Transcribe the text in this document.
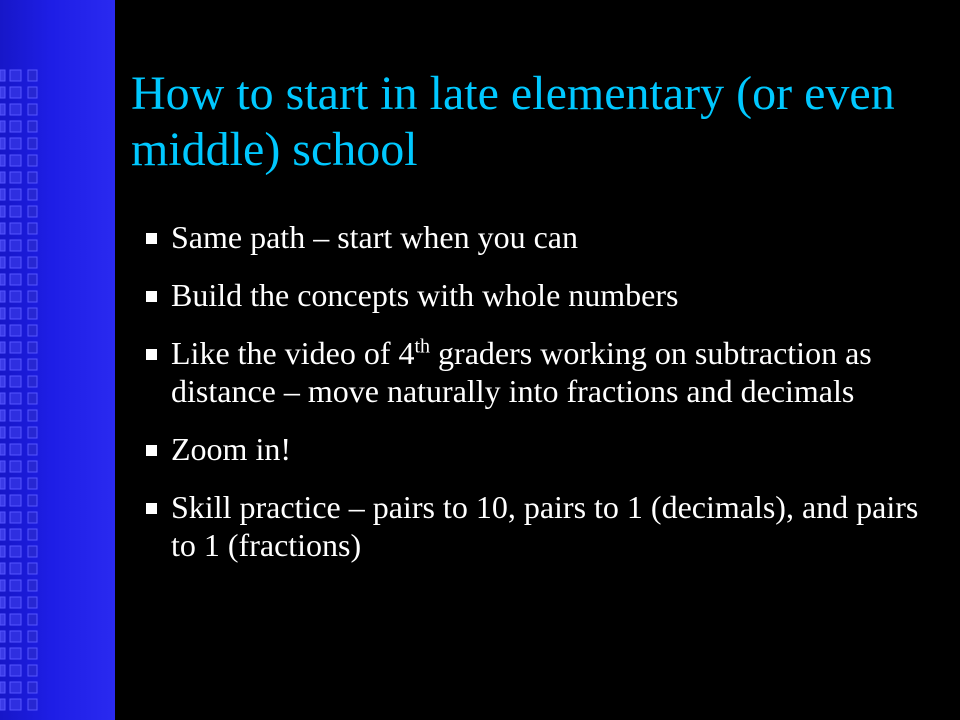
How to start in late elementary (or even middle) school
Same path – start when you can
Build the concepts with whole numbers
Like the video of 4th graders working on subtraction as distance – move naturally into fractions and decimals
Zoom in!
Skill practice – pairs to 10, pairs to 1 (decimals), and pairs to 1 (fractions)
